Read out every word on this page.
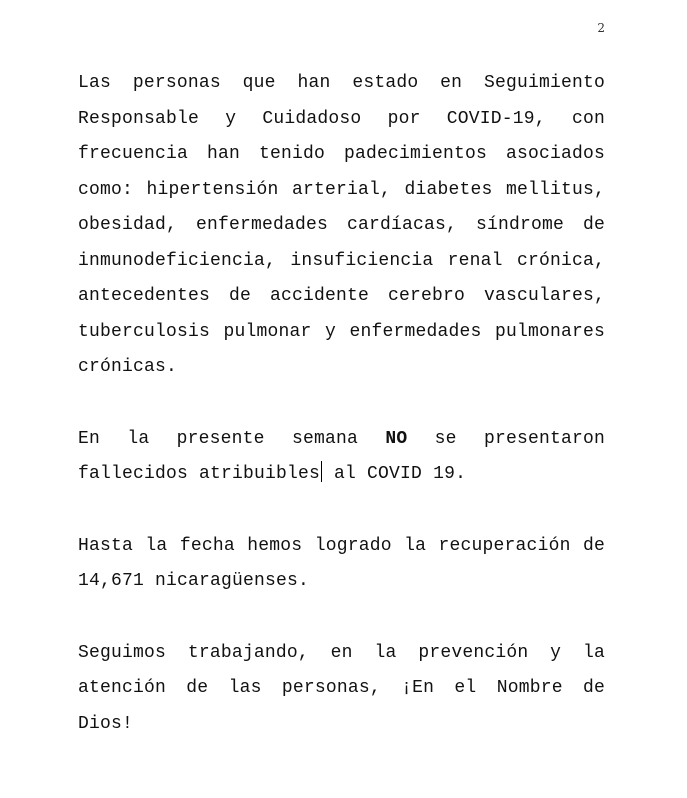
2

Las personas que han estado en Seguimiento Responsable y Cuidadoso por COVID-19, con frecuencia han tenido padecimientos asociados como: hipertensión arterial, diabetes mellitus, obesidad, enfermedades cardíacas, síndrome de inmunodeficiencia, insuficiencia renal crónica, antecedentes de accidente cerebro vasculares, tuberculosis pulmonar y enfermedades pulmonares crónicas.

En la presente semana NO se presentaron fallecidos atribuibles al COVID 19.

Hasta la fecha hemos logrado la recuperación de 14,671 nicaragüenses.

Seguimos trabajando, en la prevención y la atención de las personas, ¡En el Nombre de Dios!
